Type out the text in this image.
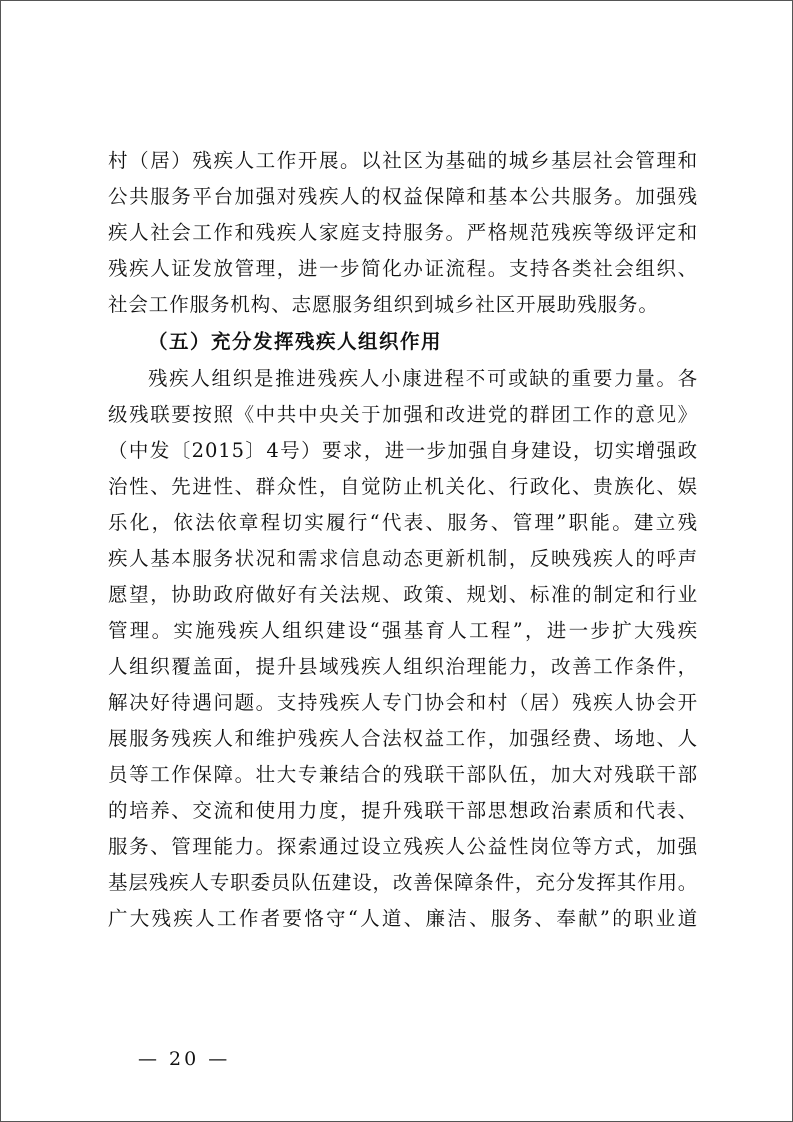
村（居）残疾人工作开展。以社区为基础的城乡基层社会管理和
公共服务平台加强对残疾人的权益保障和基本公共服务。加强残
疾人社会工作和残疾人家庭支持服务。严格规范残疾等级评定和
残疾人证发放管理，进一步简化办证流程。支持各类社会组织、
社会工作服务机构、志愿服务组织到城乡社区开展助残服务。
（五）充分发挥残疾人组织作用
残疾人组织是推进残疾人小康进程不可或缺的重要力量。各
级残联要按照《中共中央关于加强和改进党的群团工作的意见》
（中发〔2015〕4号）要求，进一步加强自身建设，切实增强政
治性、先进性、群众性，自觉防止机关化、行政化、贵族化、娱
乐化，依法依章程切实履行“代表、服务、管理”职能。建立残
疾人基本服务状况和需求信息动态更新机制，反映残疾人的呼声
愿望，协助政府做好有关法规、政策、规划、标准的制定和行业
管理。实施残疾人组织建设“强基育人工程”，进一步扩大残疾
人组织覆盖面，提升县域残疾人组织治理能力，改善工作条件，
解决好待遇问题。支持残疾人专门协会和村（居）残疾人协会开
展服务残疾人和维护残疾人合法权益工作，加强经费、场地、人
员等工作保障。壮大专兼结合的残联干部队伍，加大对残联干部
的培养、交流和使用力度，提升残联干部思想政治素质和代表、
服务、管理能力。探索通过设立残疾人公益性岗位等方式，加强
基层残疾人专职委员队伍建设，改善保障条件，充分发挥其作用。
广大残疾人工作者要恪守“人道、廉洁、服务、奉献”的职业道
— 20 —
